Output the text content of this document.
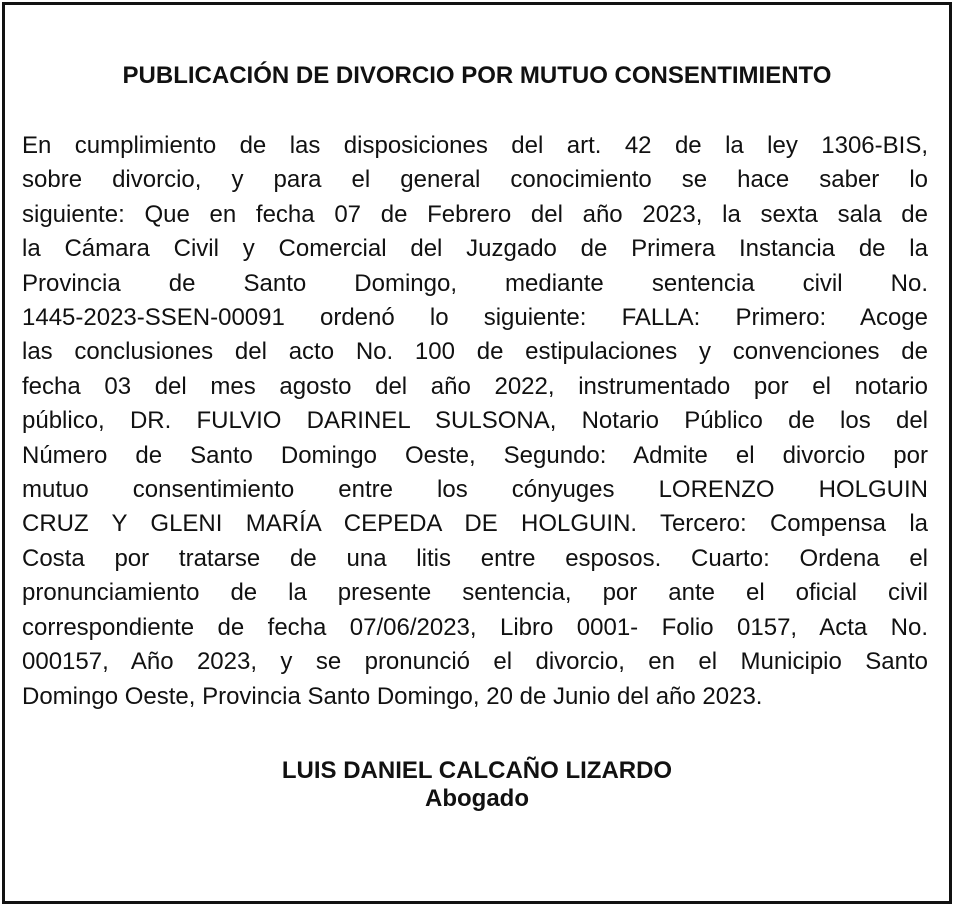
PUBLICACIÓN DE DIVORCIO POR MUTUO CONSENTIMIENTO
En cumplimiento de las disposiciones del art. 42 de la ley 1306-BIS,
sobre divorcio, y para el general conocimiento se hace saber lo
siguiente: Que en fecha 07 de Febrero del año 2023, la sexta sala de
la Cámara Civil y Comercial del Juzgado de Primera Instancia de la
Provincia de Santo Domingo, mediante sentencia civil No.
1445-2023-SSEN-00091 ordenó lo siguiente: FALLA: Primero: Acoge
las conclusiones del acto No. 100 de estipulaciones y convenciones de
fecha 03 del mes agosto del año 2022, instrumentado por el notario
público, DR. FULVIO DARINEL SULSONA, Notario Público de los del
Número de Santo Domingo Oeste, Segundo: Admite el divorcio por
mutuo consentimiento entre los cónyuges LORENZO HOLGUIN
CRUZ Y GLENI MARÍA CEPEDA DE HOLGUIN. Tercero: Compensa la
Costa por tratarse de una litis entre esposos. Cuarto: Ordena el
pronunciamiento de la presente sentencia, por ante el oficial civil
correspondiente de fecha 07/06/2023, Libro 0001- Folio 0157, Acta No.
000157, Año 2023, y se pronunció el divorcio, en el Municipio Santo
Domingo Oeste, Provincia Santo Domingo, 20 de Junio del año 2023.
LUIS DANIEL CALCAÑO LIZARDO
Abogado
